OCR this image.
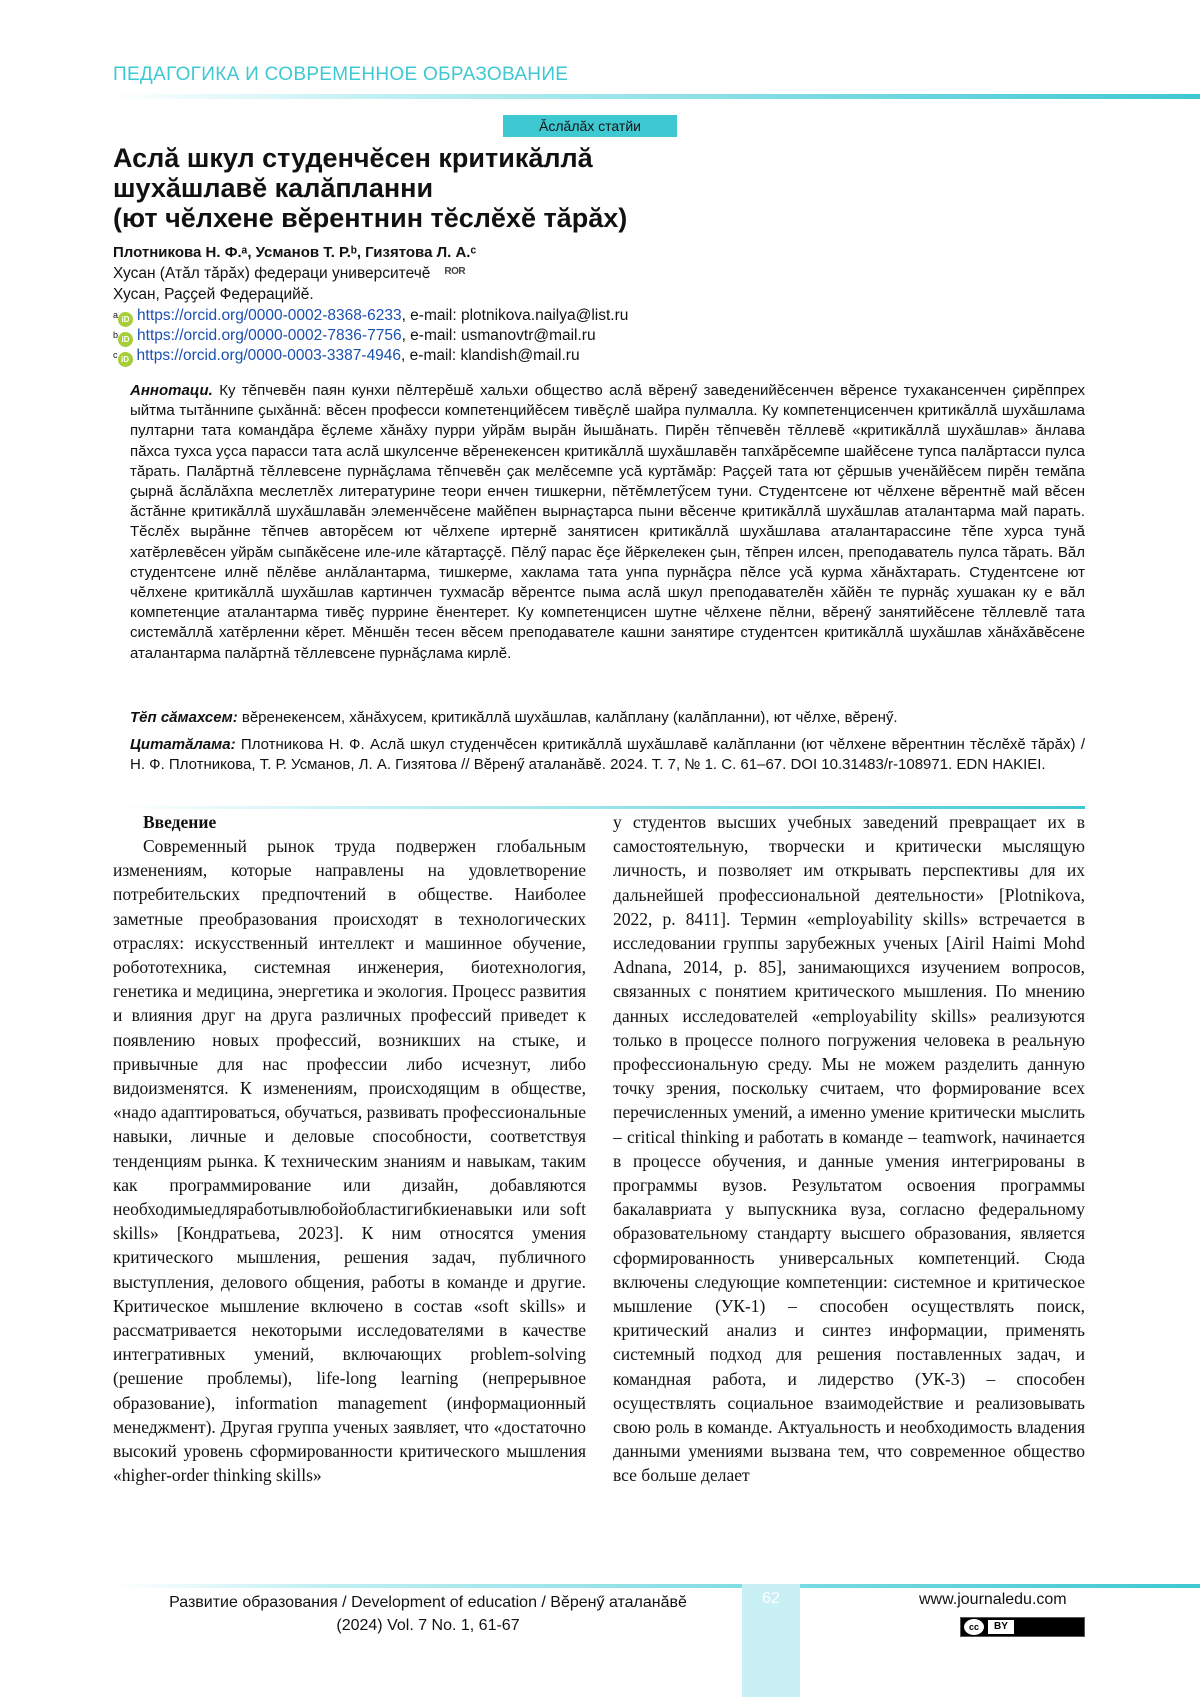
ПЕДАГОГИКА И СОВРЕМЕННОЕ ОБРАЗОВАНИЕ
Ӑслӑлӑх статйи
Аслӑ шкул студенчӗсен критикӑллӑ
шухӑшлавӗ калӑпланни
(ют чӗлхене вӗрентнин тӗслӗхӗ тӑрӑх)
Плотникова Н. Ф.ᵃ, Усманов Т. Р.ᵇ, Гизятова Л. А.ᶜ
Хусан (Атӑл тӑрӑх) федераци университечӗ ROR
Хусан, Раҫҫей Федерацийӗ.
$^a$ iD https://orcid.org/0000-0002-8368-6233, e-mail: plotnikova.nailya@list.ru
$^b$ iD https://orcid.org/0000-0002-7836-7756, e-mail: usmanovtr@mail.ru
$^c$ iD https://orcid.org/0000-0003-3387-4946, e-mail: klandish@mail.ru

Аннотаци. Ку тӗпчевӗн паян кунхи пӗлтерӗшӗ хальхи общество аслӑ вӗренӳ заведенийӗсенчен вӗренсе тухакансенчен ҫирӗппрех ыйтма тытӑннипе ҫыхӑннӑ: вӗсен професси компетенцийӗсем тивӗҫлӗ шайра пулмалла. Ку компетенцисенчен критикӑллӑ шухӑшлама пултарни тата командӑра ӗҫлеме хӑнӑху пурри уйрӑм вырӑн йышӑнать. Пирӗн тӗпчевӗн тӗллевӗ «критикӑллӑ шухӑшлав» ӑнлава пӑхса тухса уҫса парасси тата аслӑ шкулсенче вӗренекенсен критикӑллӑ шухӑшлавӗн тапхӑрӗсемпе шайӗсене тупса палӑртасси пулса тӑрать. Палӑртнӑ тӗллевсене пурнӑҫлама тӗпчевӗн ҫак мелӗсемпе усӑ куртӑмӑр: Раҫҫей тата ют ҫӗршыв ученӑйӗсем пирӗн темӑпа ҫырнӑ ӑслӑлӑхпа меслетлӗх литературине теори енчен тишкерни, пӗтӗмлетӳсем туни. Студентсене ют чӗлхене вӗрентнӗ май вӗсен ӑстӑнне критикӑллӑ шухӑшлавӑн элеменчӗсене майӗпен вырнаҫтарса пыни вӗсенче критикӑллӑ шухӑшлав аталантарма май парать. Тӗслӗх вырӑнне тӗпчев авторӗсем ют чӗлхепе иртернӗ занятисен критикӑллӑ шухӑшлава аталантарассине тӗпе хурса тунӑ хатӗрлевӗсен уйрӑм сыпӑкӗсене иле-иле кӑтартаҫҫӗ. Пӗлӳ парас ӗҫе йӗркелекен ҫын, тӗпрен илсен, преподаватель пулса тӑрать. Вӑл студентсене илнӗ пӗлӗве анлӑлантарма, тишкерме, хаклама тата унпа пурнӑҫра пӗлсе усӑ курма хӑнӑхтарать. Студентсене ют чӗлхене критикӑллӑ шухӑшлав картинчен тухмасӑр вӗрентсе пыма аслӑ шкул преподавателӗн хӑйӗн те пурнӑҫ хушакан ку е вӑл компетенцие аталантарма тивӗҫ пуррине ӗнентерет. Ку компетенцисен шутне чӗлхене пӗлни, вӗренӳ занятийӗсене тӗллевлӗ тата системӑллӑ хатӗрленни кӗрет. Мӗншӗн тесен вӗсем преподавателе кашни занятире студентсен критикӑллӑ шухӑшлав хӑнӑхӑвӗсене аталантарма палӑртнӑ тӗллевсене пурнӑҫлама кирлӗ.

Тӗп сӑмахсем: вӗренекенсем, хӑнӑхусем, критикӑллӑ шухӑшлав, калӑплану (калӑпланни), ют чӗлхе, вӗренӳ.

Цитатӑлама: Плотникова Н. Ф. Аслӑ шкул студенчӗсен критикӑллӑ шухӑшлавӗ калӑпланни (ют чӗлхене вӗрентнин тӗслӗхӗ тӑрӑх) / Н. Ф. Плотникова, Т. Р. Усманов, Л. А. Гизятова // Вӗренӳ аталанӑвӗ. 2024. Т. 7, № 1. С. 61–67. DOI 10.31483/r-108971. EDN HAKIEI.

Введение

Современный рынок труда подвержен глобальным изменениям, которые направлены на удовлетворение потребительских предпочтений в обществе. Наиболее заметные преобразования происходят в технологических отраслях: искусственный интеллект и машинное обучение, робототехника, системная инженерия, биотехнология, генетика и медицина, энергетика и экология. Процесс развития и влияния друг на друга различных профессий приведет к появлению новых профессий, возникших на стыке, и привычные для нас профессии либо исчезнут, либо видоизменятся. К изменениям, происходящим в обществе, «надо адаптироваться, обучаться, развивать профессиональные навыки, личные и деловые способности, соответствуя тенденциям рынка. К техническим знаниям и навыкам, таким как программирование или дизайн, добавляются необходимыедляработывлюбойобластигибкиенавыки или soft skills» [Кондратьева, 2023]. К ним относятся умения критического мышления, решения задач, публичного выступления, делового общения, работы в команде и другие. Критическое мышление включено в состав «soft skills» и рассматривается некоторыми исследователями в качестве интегративных умений, включающих problem-solving (решение проблемы), life-long learning (непрерывное образование), information management (информационный менеджмент). Другая группа ученых заявляет, что «достаточно высокий уровень сформированности критического мышления «higher-order thinking skills»

у студентов высших учебных заведений превращает их в самостоятельную, творчески и критически мыслящую личность, и позволяет им открывать перспективы для их дальнейшей профессиональной деятельности» [Plotnikova, 2022, p. 8411]. Термин «employability skills» встречается в исследовании группы зарубежных ученых [Airil Haimi Mohd Adnana, 2014, p. 85], занимающихся изучением вопросов, связанных с понятием критического мышления. По мнению данных исследователей «employability skills» реализуются только в процессе полного погружения человека в реальную профессиональную среду. Мы не можем разделить данную точку зрения, поскольку считаем, что формирование всех перечисленных умений, а именно умение критически мыслить – critical thinking и работать в команде – teamwork, начинается в процессе обучения, и данные умения интегрированы в программы вузов. Результатом освоения программы бакалавриата у выпускника вуза, согласно федеральному образовательному стандарту высшего образования, является сформированность универсальных компетенций. Сюда включены следующие компетенции: системное и критическое мышление (УК-1) – способен осуществлять поиск, критический анализ и синтез информации, применять системный подход для решения поставленных задач, и командная работа, и лидерство (УК-3) – способен осуществлять социальное взаимодействие и реализовывать свою роль в команде. Актуальность и необходимость владения данными умениями вызвана тем, что современное общество все больше делает

Развитие образования / Development of education / Вӗренӳ аталанӑвӗ
(2024) Vol. 7 No. 1, 61-67
62	www.journaledu.com
cc	BY
